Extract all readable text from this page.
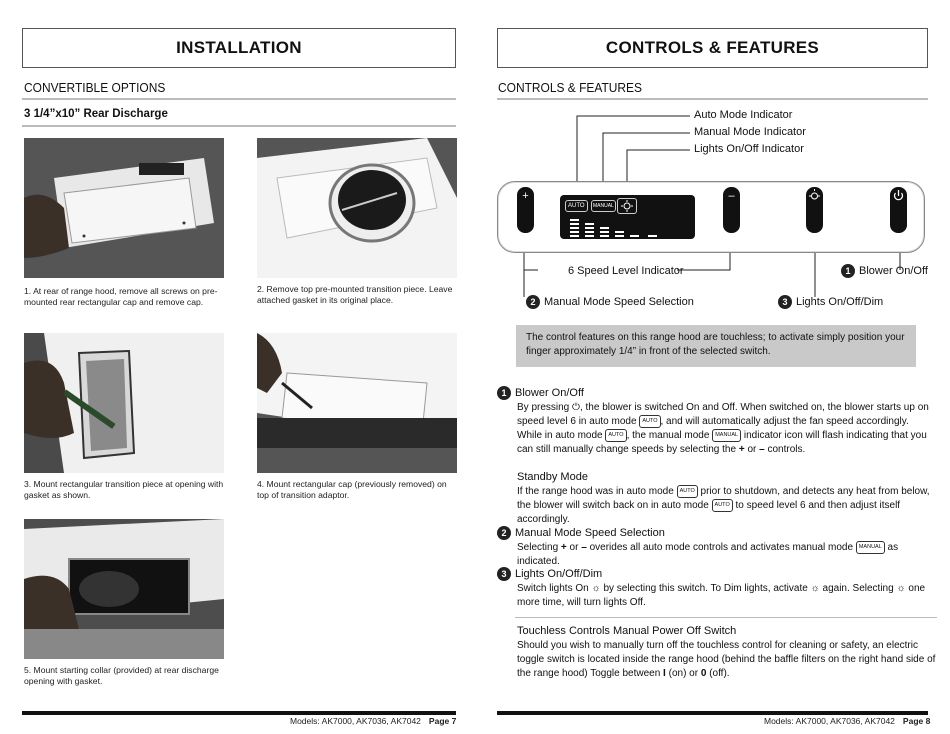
INSTALLATION
CONVERTIBLE OPTIONS
3 1/4”x10” Rear Discharge
1. At rear of range hood, remove all screws on pre-mounted rear rectangular cap and remove cap.
2. Remove top pre-mounted transition piece. Leave attached gasket in its original place.
3. Mount rectangular transition piece at opening with gasket as shown.
4. Mount rectangular cap (previously removed) on top of transition adaptor.
5. Mount starting collar (provided) at rear discharge opening with gasket.
Models: AK7000, AK7036, AK7042 Page 7
CONTROLS & FEATURES
CONTROLS & FEATURES
Auto Mode Indicator
Manual Mode Indicator
Lights On/Off Indicator
+
AUTO	MANUAL
–
6 Speed Level Indicator	1 Blower On/Off
2 Manual Mode Speed Selection	3 Lights On/Off/Dim
The control features on this range hood are touchless; to activate simply position your finger approximately 1/4” in front of the selected switch.
1 Blower On/Off
By pressing ⏻, the blower is switched On and Off. When switched on, the blower starts up on speed level 6 in auto mode AUTO , and will automatically adjust the fan speed accordingly.
While in auto mode AUTO , the manual mode MANUAL indicator icon will flash indicating that you can still manually change speeds by selecting the + or – controls.
Standby Mode
If the range hood was in auto mode AUTO prior to shutdown, and detects any heat from below, the blower will switch back on in auto mode AUTO to speed level 6 and then adjust itself accordingly.
2 Manual Mode Speed Selection
Selecting + or – overides all auto mode controls and activates manual mode MANUAL as indicated.
3 Lights On/Off/Dim
Switch lights On ☼ by selecting this switch. To Dim lights, activate ☼ again. Selecting ☼ one more time, will turn lights Off.
Touchless Controls Manual Power Off Switch
Should you wish to manually turn off the touchless control for cleaning or safety, an electric toggle switch is located inside the range hood (behind the baffle filters on the right hand side of the range hood) Toggle between I (on) or 0 (off).
Models: AK7000, AK7036, AK7042 Page 8
